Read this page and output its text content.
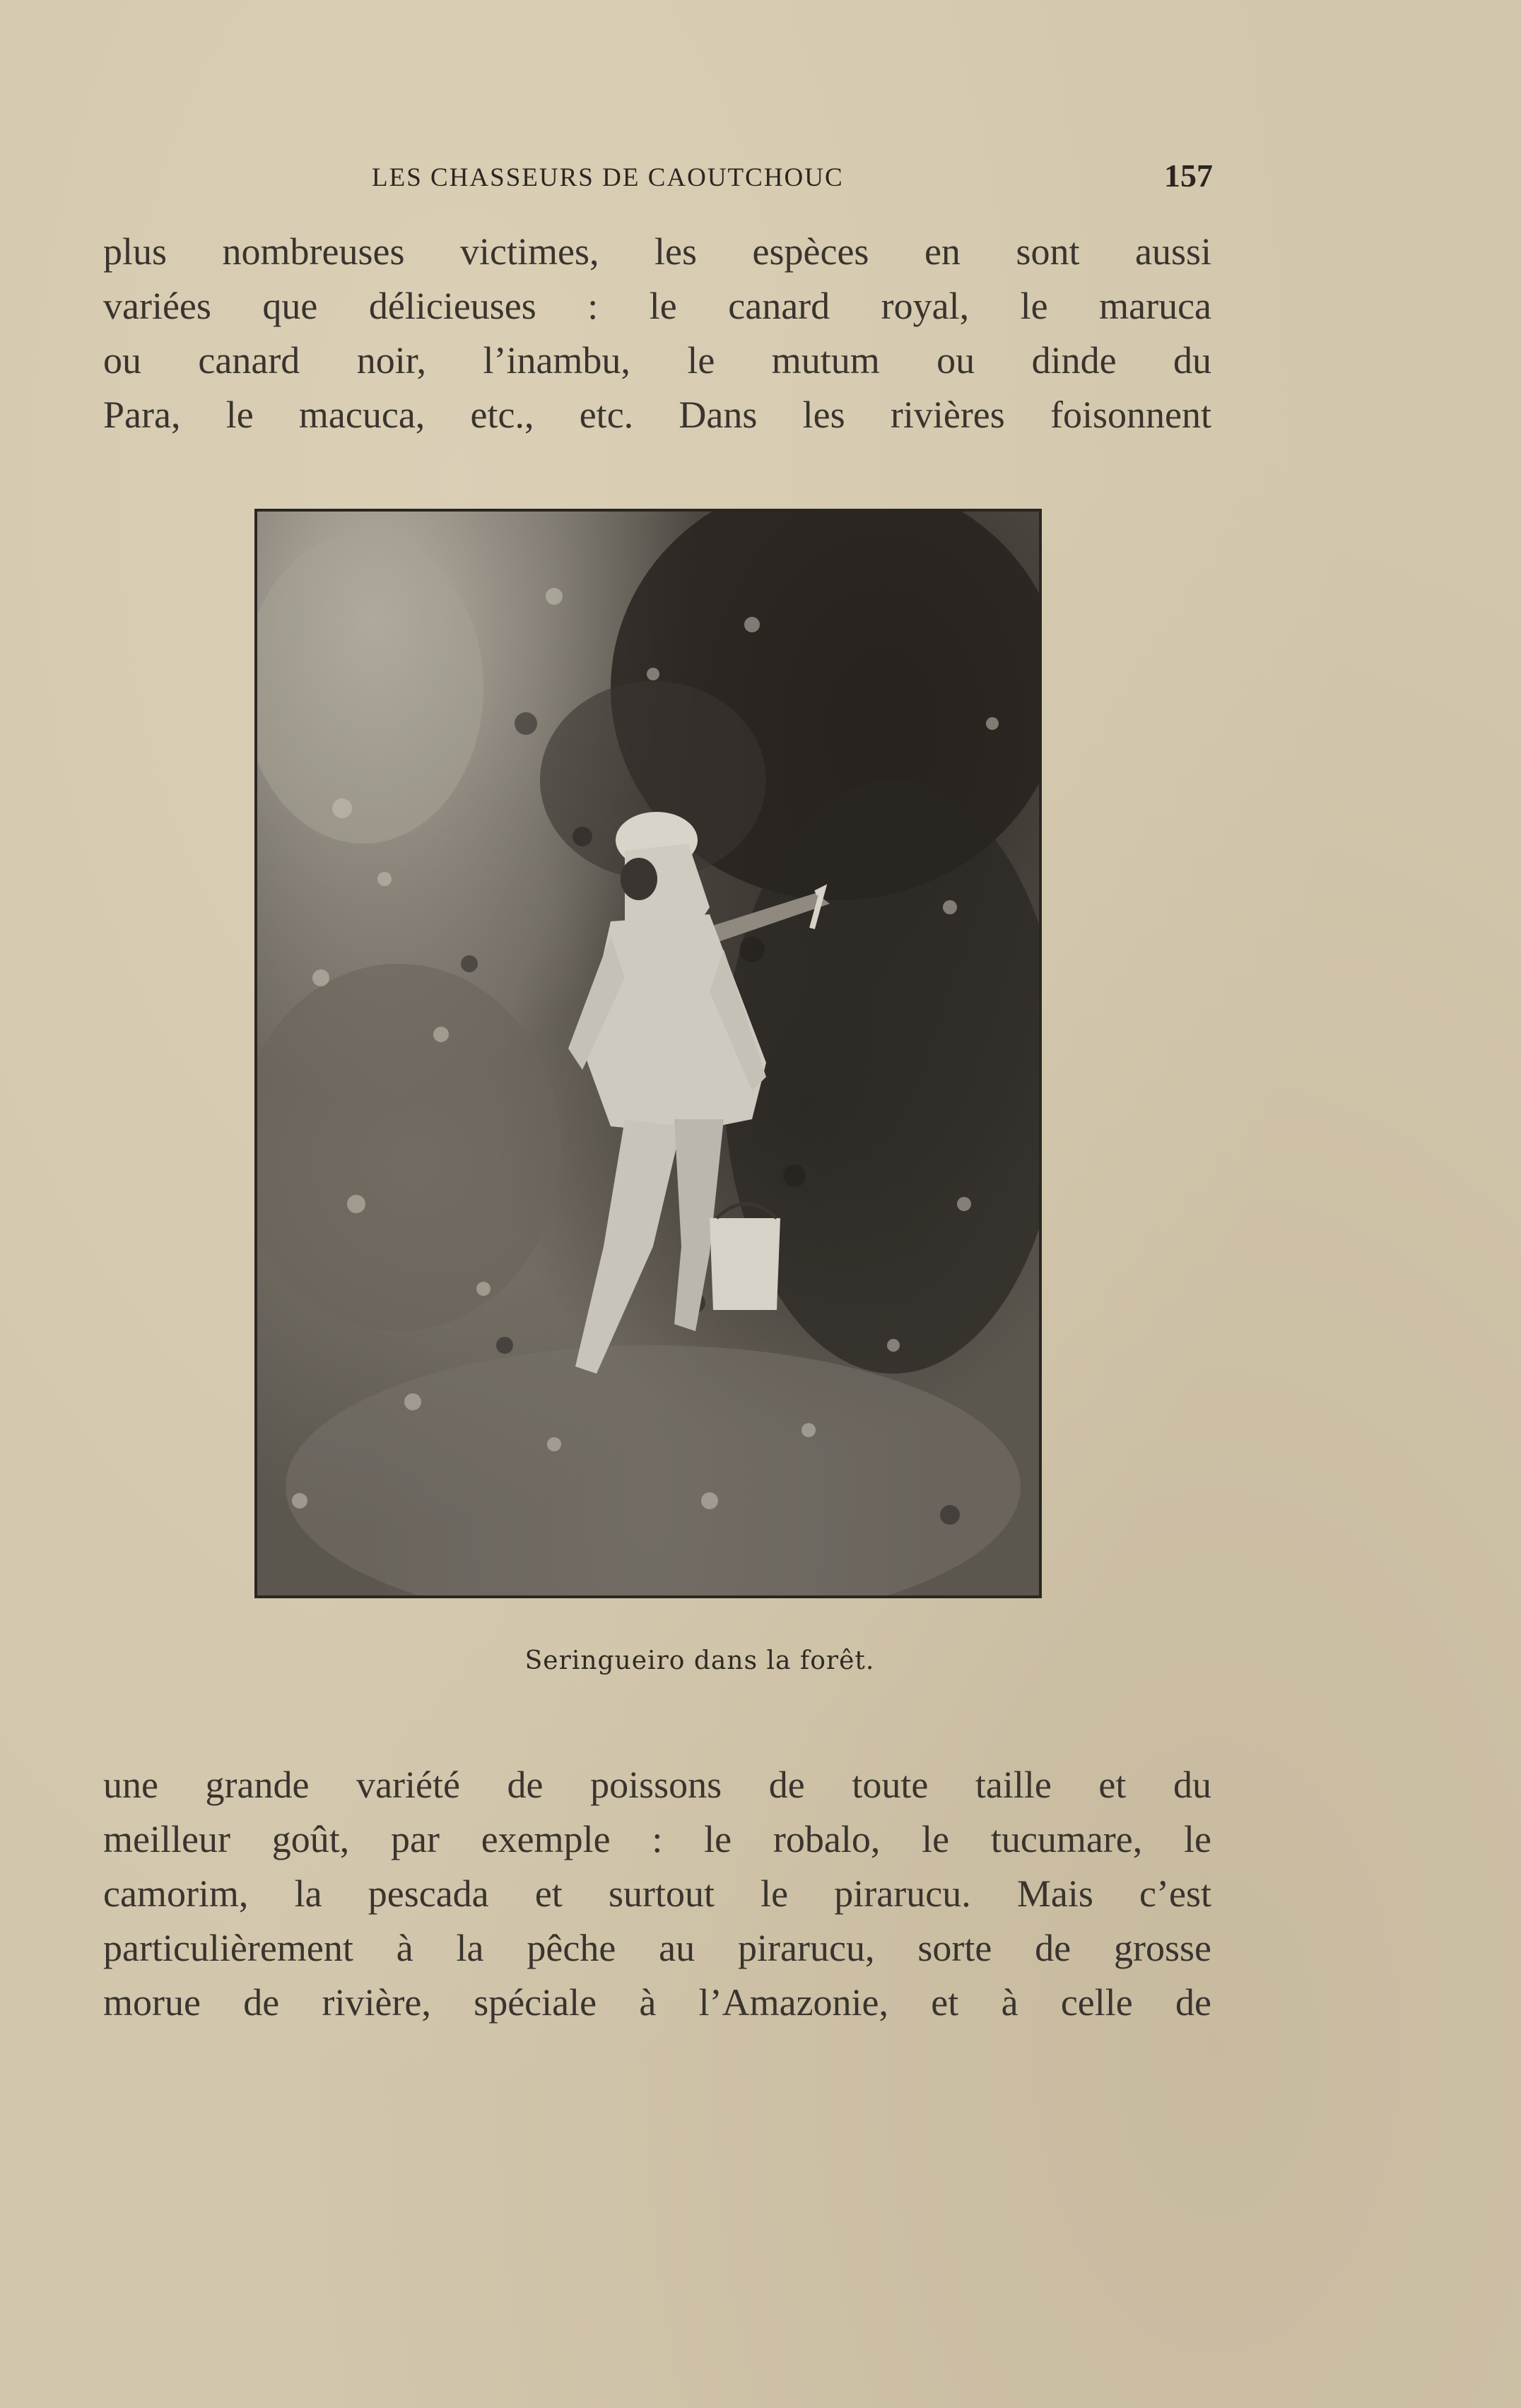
LES CHASSEURS DE CAOUTCHOUC	157
plus nombreuses victimes, les espèces en sont aussi
variées que délicieuses : le canard royal, le maruca
ou canard noir, l’inambu, le mutum ou dinde du
Para, le macuca, etc., etc. Dans les rivières foisonnent
Seringueiro dans la forêt.
une grande variété de poissons de toute taille et du
meilleur goût, par exemple : le robalo, le tucumare, le
camorim, la pescada et surtout le pirarucu. Mais c’est
particulièrement à la pêche au pirarucu, sorte de grosse
morue de rivière, spéciale à l’Amazonie, et à celle de
